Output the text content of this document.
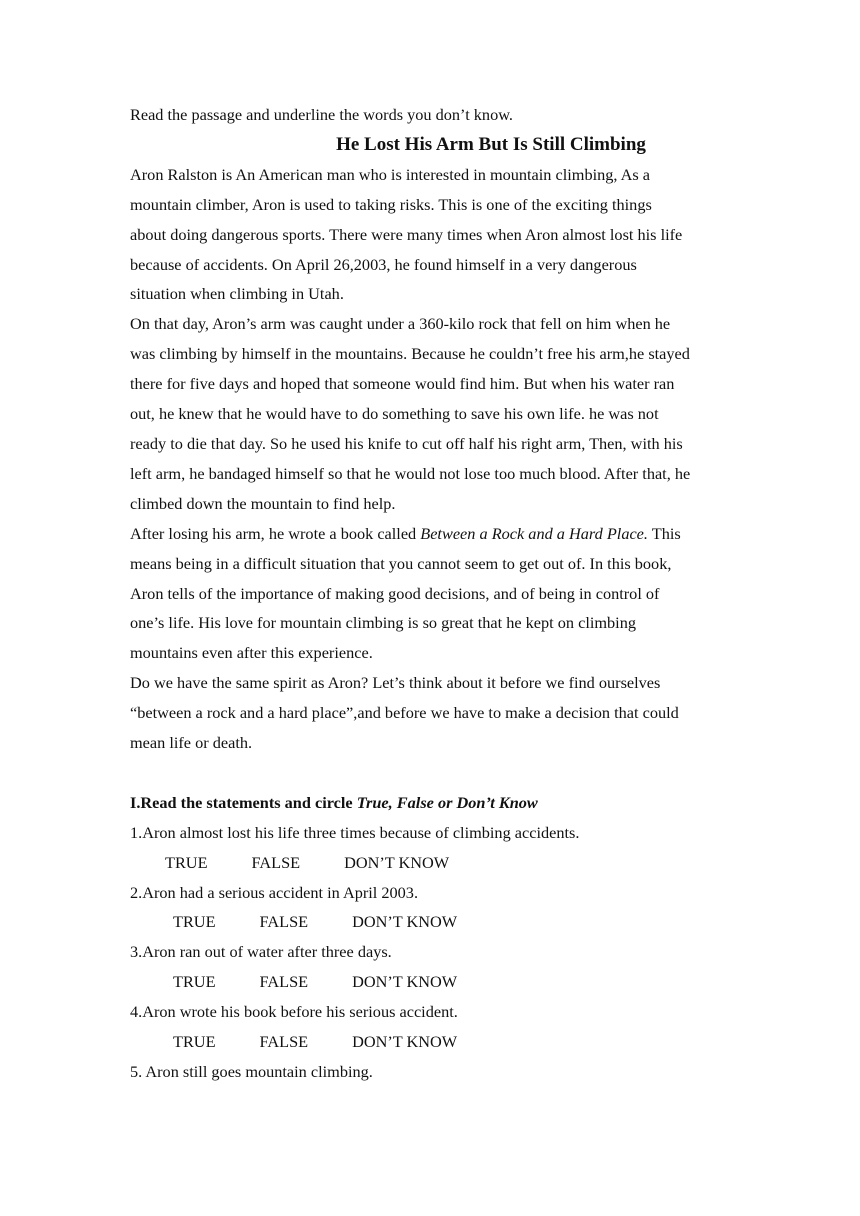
Read the passage and underline the words you don’t know.
He Lost His Arm But Is Still Climbing
Aron Ralston is An American man who is interested in mountain climbing, As a
mountain climber, Aron is used to taking risks. This is one of the exciting things
about doing dangerous sports. There were many times when Aron almost lost his life
because of accidents. On April 26,2003, he found himself in a very dangerous
situation when climbing in Utah.
On that day, Aron’s arm was caught under a 360-kilo rock that fell on him when he
was climbing by himself in the mountains. Because he couldn’t free his arm,he stayed
there for five days and hoped that someone would find him. But when his water ran
out, he knew that he would have to do something to save his own life. he was not
ready to die that day. So he used his knife to cut off half his right arm, Then, with his
left arm, he bandaged himself so that he would not lose too much blood. After that, he
climbed down the mountain to find help.
After losing his arm, he wrote a book called Between a Rock and a Hard Place. This
means being in a difficult situation that you cannot seem to get out of. In this book,
Aron tells of the importance of making good decisions, and of being in control of
one’s life. His love for mountain climbing is so great that he kept on climbing
mountains even after this experience.
Do we have the same spirit as Aron? Let’s think about it before we find ourselves
“between a rock and a hard place”,and before we have to make a decision that could
mean life or death.
I.Read the statements and circle True, False or Don’t Know
1.Aron almost lost his life three times because of climbing accidents.
TRUE	FALSE	DON’T KNOW
2.Aron had a serious accident in April 2003.
TRUE	FALSE	DON’T KNOW
3.Aron ran out of water after three days.
TRUE	FALSE	DON’T KNOW
4.Aron wrote his book before his serious accident.
TRUE	FALSE	DON’T KNOW
5. Aron still goes mountain climbing.
